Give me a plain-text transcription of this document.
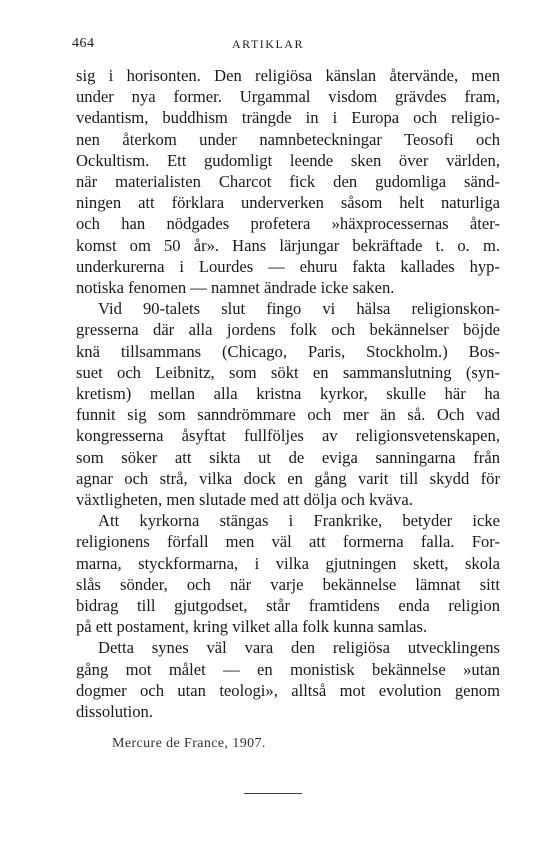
464	ARTIKLAR
sig i horisonten. Den religiösa känslan återvände, men
under nya former. Urgammal visdom grävdes fram,
vedantism, buddhism trängde in i Europa och religio-
nen återkom under namnbeteckningar Teosofi och
Ockultism. Ett gudomligt leende sken över världen,
när materialisten Charcot fick den gudomliga sänd-
ningen att förklara underverken såsom helt naturliga
och han nödgades profetera »häxprocessernas åter-
komst om 50 år». Hans lärjungar bekräftade t. o. m.
underkurerna i Lourdes — ehuru fakta kallades hyp-
notiska fenomen — namnet ändrade icke saken.
Vid 90-talets slut fingo vi hälsa religionskon-
gresserna där alla jordens folk och bekännelser böjde
knä tillsammans (Chicago, Paris, Stockholm.) Bos-
suet och Leibnitz, som sökt en sammanslutning (syn-
kretism) mellan alla kristna kyrkor, skulle här ha
funnit sig som sanndrömmare och mer än så. Och vad
kongresserna åsyftat fullföljes av religionsvetenskapen,
som söker att sikta ut de eviga sanningarna från
agnar och strå, vilka dock en gång varit till skydd för
växtligheten, men slutade med att dölja och kväva.
Att kyrkorna stängas i Frankrike, betyder icke
religionens förfall men väl att formerna falla. For-
marna, styckformarna, i vilka gjutningen skett, skola
slås sönder, och när varje bekännelse lämnat sitt
bidrag till gjutgodset, står framtidens enda religion
på ett postament, kring vilket alla folk kunna samlas.
Detta synes väl vara den religiösa utvecklingens
gång mot målet — en monistisk bekännelse »utan
dogmer och utan teologi», alltså mot evolution genom
dissolution.
Mercure de France, 1907.
